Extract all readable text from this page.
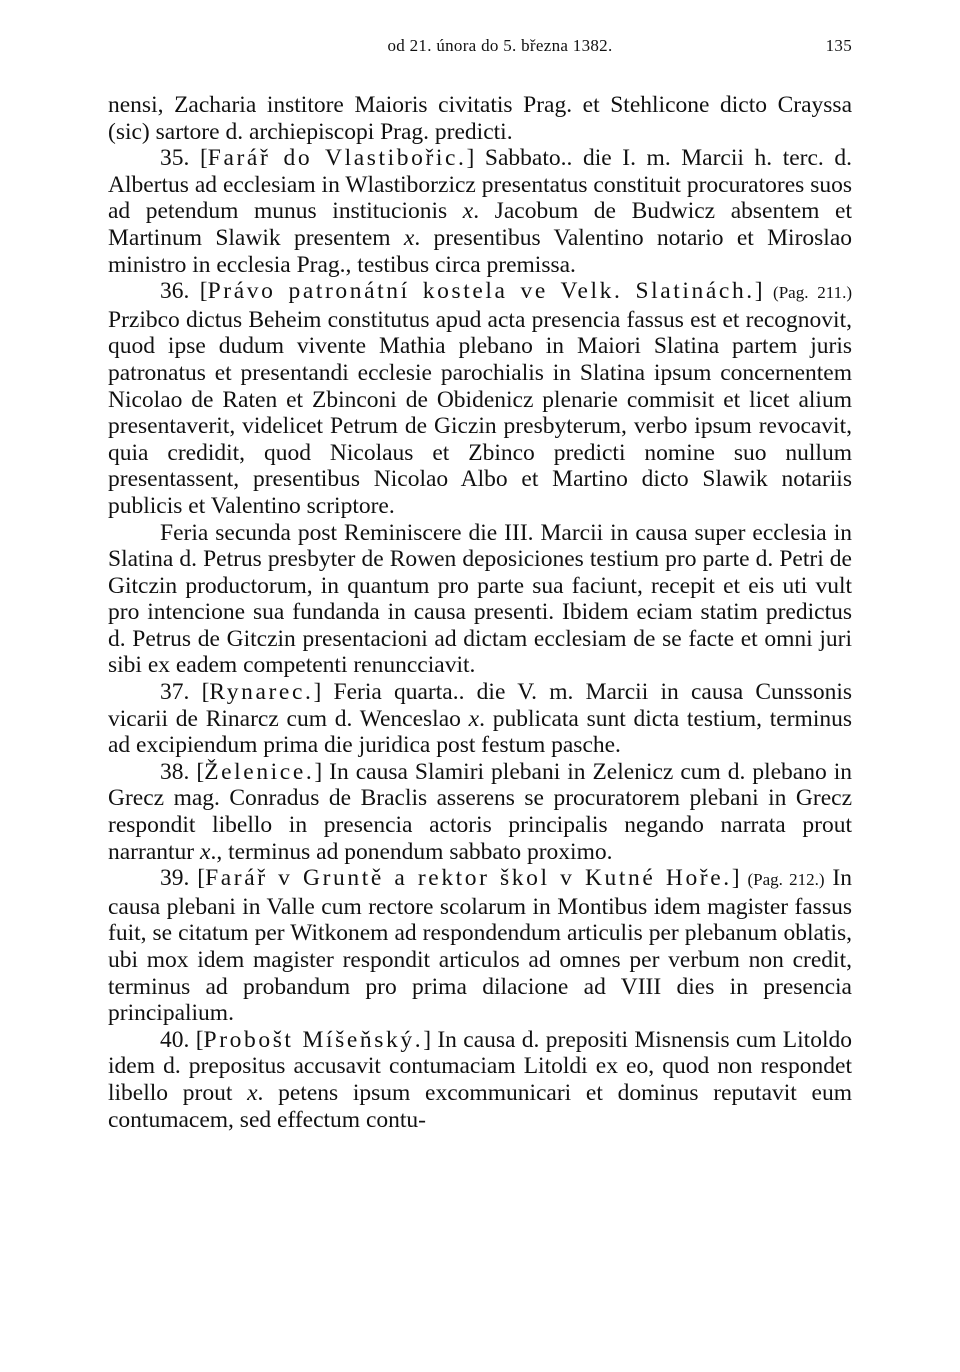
od 21. února do 5. března 1382.	135

nensi, Zacharia institore Maioris civitatis Prag. et Stehlicone dicto Crayssa (sic) sartore d. archiepiscopi Prag. predicti.

35. [Farář do Vlastibořic.] Sabbato.. die I. m. Marcii h. terc. d. Albertus ad ecclesiam in Wlastiborzicz presentatus constituit procuratores suos ad petendum munus institucionis x. Jacobum de Budwicz absentem et Martinum Slawik presentem x. presentibus Valentino notario et Miroslao ministro in ecclesia Prag., testibus circa premissa.

36. [Právo patronátní kostela ve Velk. Slatinách.] (Pag. 211.) Przibco dictus Beheim constitutus apud acta presencia fassus est et recognovit, quod ipse dudum vivente Mathia plebano in Maiori Slatina partem juris patronatus et presentandi ecclesie parochialis in Slatina ipsum concernentem Nicolao de Raten et Zbinconi de Obidenicz plenarie commisit et licet alium presentaverit, videlicet Petrum de Giczin presbyterum, verbo ipsum revocavit, quia credidit, quod Nicolaus et Zbinco predicti nomine suo nullum presentassent, presentibus Nicolao Albo et Martino dicto Slawik notariis publicis et Valentino scriptore.

Feria secunda post Reminiscere die III. Marcii in causa super ecclesia in Slatina d. Petrus presbyter de Rowen deposiciones testium pro parte d. Petri de Gitczin productorum, in quantum pro parte sua faciunt, recepit et eis uti vult pro intencione sua fundanda in causa presenti. Ibidem eciam statim predictus d. Petrus de Gitczin presentacioni ad dictam ecclesiam de se facte et omni juri sibi ex eadem competenti renuncciavit.

37. [Rynarec.] Feria quarta.. die V. m. Marcii in causa Cunssonis vicarii de Rinarcz cum d. Wenceslao x. publicata sunt dicta testium, terminus ad excipiendum prima die juridica post festum pasche.

38. [Želenice.] In causa Slamiri plebani in Zelenicz cum d. plebano in Grecz mag. Conradus de Braclis asserens se procuratorem plebani in Grecz respondit libello in presencia actoris principalis negando narrata prout narrantur x., terminus ad ponendum sabbato proximo.

39. [Farář v Gruntě a rektor škol v Kutné Hoře.] (Pag. 212.) In causa plebani in Valle cum rectore scolarum in Montibus idem magister fassus fuit, se citatum per Witkonem ad respondendum articulis per plebanum oblatis, ubi mox idem magister respondit articulos ad omnes per verbum non credit, terminus ad probandum pro prima dilacione ad VIII dies in presencia principalium.

40. [Probošt Míšeňský.] In causa d. prepositi Misnensis cum Litoldo idem d. prepositus accusavit contumaciam Litoldi ex eo, quod non respondet libello prout x. petens ipsum excommunicari et dominus reputavit eum contumacem, sed effectum contu-
